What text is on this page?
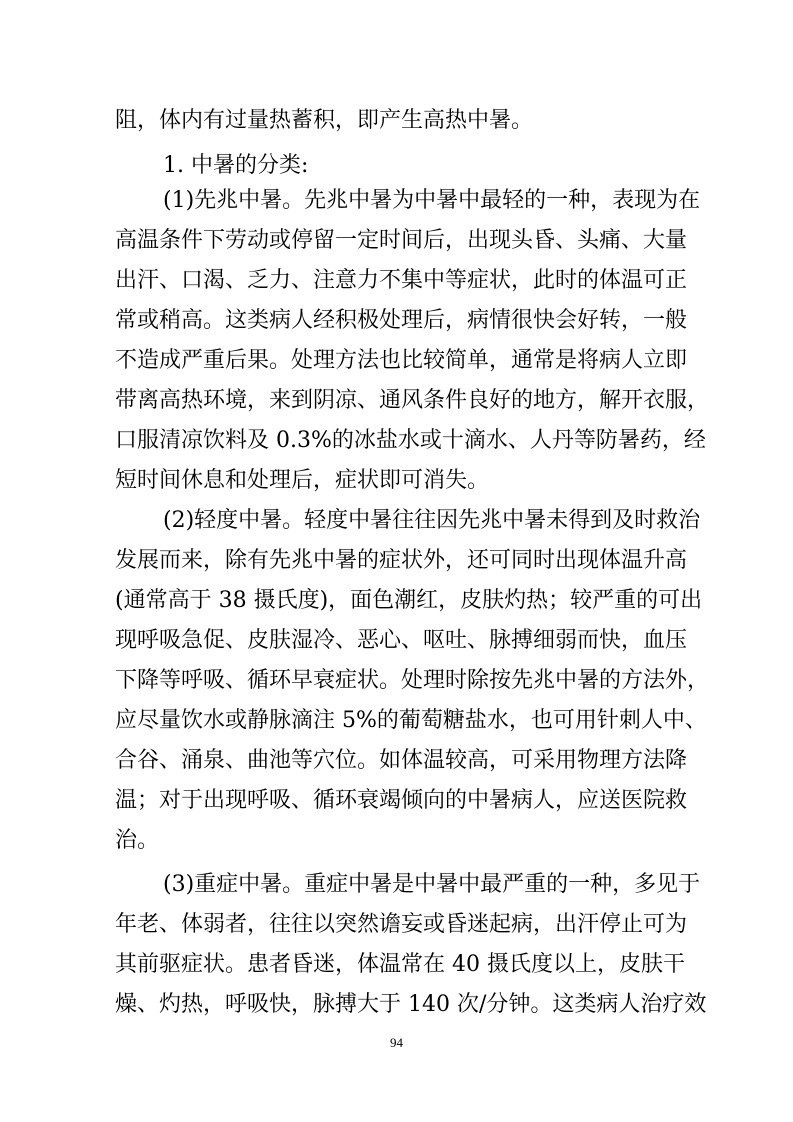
阻，体内有过量热蓄积，即产生高热中暑。
1. 中暑的分类:
(1)先兆中暑。先兆中暑为中暑中最轻的一种，表现为在
高温条件下劳动或停留一定时间后，出现头昏、头痛、大量
出汗、口渴、乏力、注意力不集中等症状，此时的体温可正
常或稍高。这类病人经积极处理后，病情很快会好转，一般
不造成严重后果。处理方法也比较简单，通常是将病人立即
带离高热环境，来到阴凉、通风条件良好的地方，解开衣服，
口服清凉饮料及 0.3%的冰盐水或十滴水、人丹等防暑药，经
短时间休息和处理后，症状即可消失。
(2)轻度中暑。轻度中暑往往因先兆中暑未得到及时救治
发展而来，除有先兆中暑的症状外，还可同时出现体温升高
(通常高于 38 摄氏度)，面色潮红，皮肤灼热；较严重的可出
现呼吸急促、皮肤湿冷、恶心、呕吐、脉搏细弱而快，血压
下降等呼吸、循环早衰症状。处理时除按先兆中暑的方法外，
应尽量饮水或静脉滴注 5%的葡萄糖盐水，也可用针刺人中、
合谷、涌泉、曲池等穴位。如体温较高，可采用物理方法降
温；对于出现呼吸、循环衰竭倾向的中暑病人，应送医院救
治。
(3)重症中暑。重症中暑是中暑中最严重的一种，多见于
年老、体弱者，往往以突然谵妄或昏迷起病，出汗停止可为
其前驱症状。患者昏迷，体温常在 40 摄氏度以上，皮肤干
燥、灼热，呼吸快，脉搏大于 140 次/分钟。这类病人治疗效
94
